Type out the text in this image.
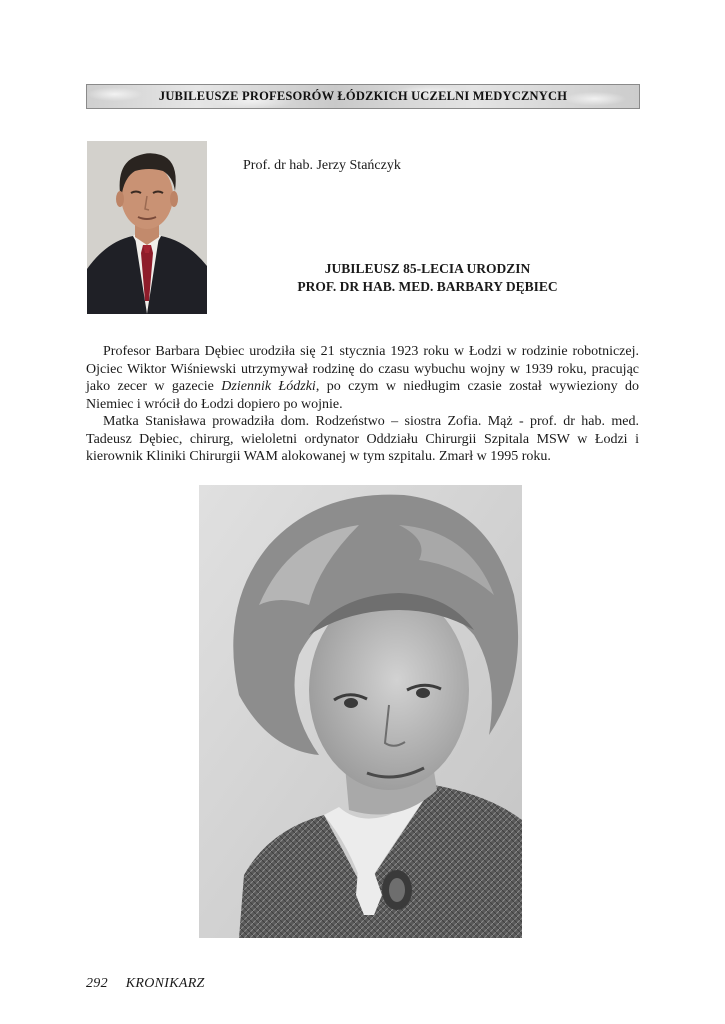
JUBILEUSZE PROFESORÓW ŁÓDZKICH UCZELNI MEDYCZNYCH
Prof. dr hab. Jerzy Stańczyk
JUBILEUSZ 85-LECIA URODZIN
PROF. DR HAB. MED. BARBARY DĘBIEC

Profesor Barbara Dębiec urodziła się 21 stycznia 1923 roku w Łodzi w rodzinie robotniczej. Ojciec Wiktor Wiśniewski utrzymywał rodzinę do czasu wybuchu wojny w 1939 roku, pracując jako zecer w gazecie Dziennik Łódzki, po czym w niedługim czasie został wywieziony do Niemiec i wrócił do Łodzi dopiero po wojnie.

Matka Stanisława prowadziła dom. Rodzeństwo – siostra Zofia. Mąż - prof. dr hab. med. Tadeusz Dębiec, chirurg, wieloletni ordynator Oddziału Chirurgii Szpitala MSW w Łodzi i kierownik Kliniki Chirurgii WAM alokowanej w tym szpitalu. Zmarł w 1995 roku.

292 KRONIKARZ
